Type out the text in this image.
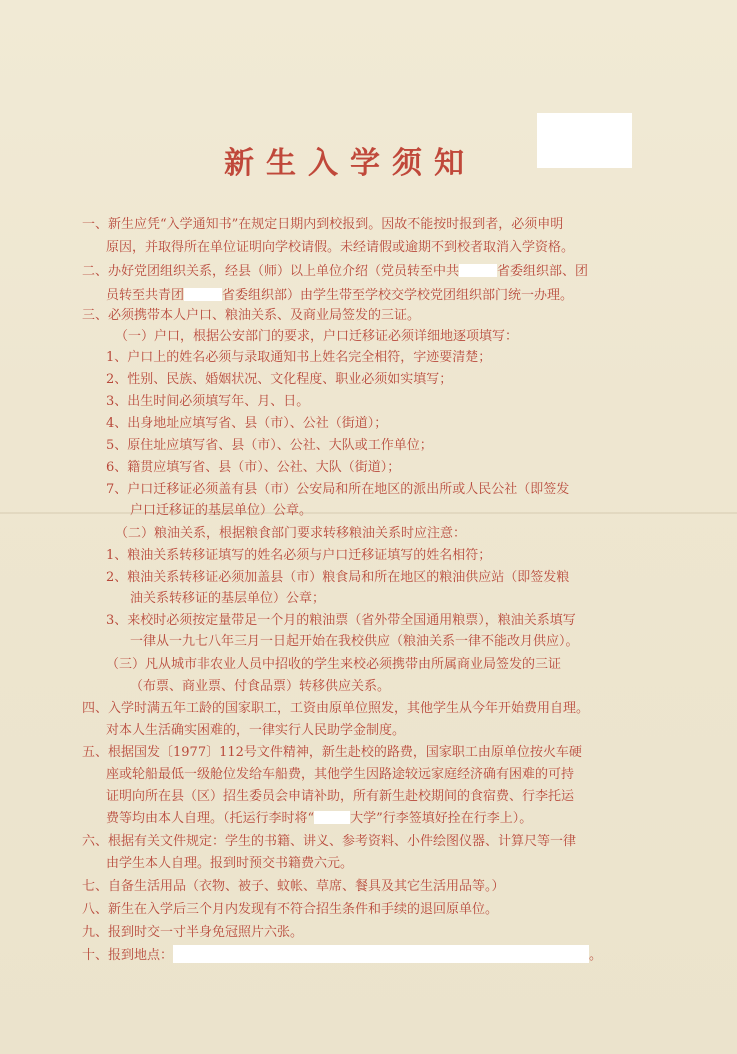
新生入学须知
一、新生应凭“入学通知书”在规定日期内到校报到。因故不能按时报到者，必须申明
原因，并取得所在单位证明向学校请假。未经请假或逾期不到校者取消入学资格。
二、办好党团组织关系，经县（师）以上单位介绍（党员转至中共	省委组织部、团
员转至共青团	省委组织部）由学生带至学校交学校党团组织部门统一办理。
三、必须携带本人户口、粮油关系、及商业局签发的三证。
（一）户口，根据公安部门的要求，户口迁移证必须详细地逐项填写：
1、户口上的姓名必须与录取通知书上姓名完全相符，字迹要清楚；
2、性别、民族、婚姻状况、文化程度、职业必须如实填写；
3、出生时间必须填写年、月、日。
4、出身地址应填写省、县（市）、公社（街道）；
5、原住址应填写省、县（市）、公社、大队或工作单位；
6、籍贯应填写省、县（市）、公社、大队（街道）；
7、户口迁移证必须盖有县（市）公安局和所在地区的派出所或人民公社（即签发
户口迁移证的基层单位）公章。
（二）粮油关系，根据粮食部门要求转移粮油关系时应注意：
1、粮油关系转移证填写的姓名必须与户口迁移证填写的姓名相符；
2、粮油关系转移证必须加盖县（市）粮食局和所在地区的粮油供应站（即签发粮
油关系转移证的基层单位）公章；
3、来校时必须按定量带足一个月的粮油票（省外带全国通用粮票），粮油关系填写
一律从一九七八年三月一日起开始在我校供应（粮油关系一律不能改月供应）。
（三）凡从城市非农业人员中招收的学生来校必须携带由所属商业局签发的三证
（布票、商业票、付食品票）转移供应关系。
四、入学时满五年工龄的国家职工，工资由原单位照发，其他学生从今年开始费用自理。
对本人生活确实困难的，一律实行人民助学金制度。
五、根据国发〔1977〕112号文件精神，新生赴校的路费，国家职工由原单位按火车硬
座或轮船最低一级舱位发给车船费，其他学生因路途较远家庭经济确有困难的可持
证明向所在县（区）招生委员会申请补助，所有新生赴校期间的食宿费、行李托运
费等均由本人自理。（托运行李时将“	大学”行李签填好拴在行李上）。
六、根据有关文件规定：学生的书籍、讲义、参考资料、小件绘图仪器、计算尺等一律
由学生本人自理。报到时预交书籍费六元。
七、自备生活用品（衣物、被子、蚊帐、草席、餐具及其它生活用品等。）
八、新生在入学后三个月内发现有不符合招生条件和手续的退回原单位。
九、报到时交一寸半身免冠照片六张。
十、报到地点：	。
